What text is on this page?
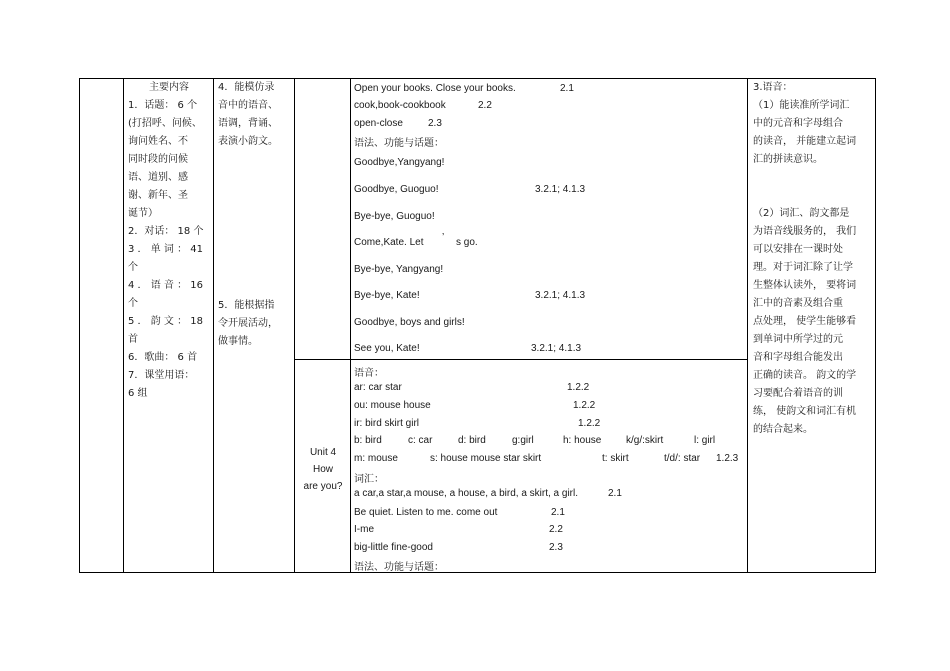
主要内容
1．话题： 6 个
(打招呼、问候、
询问姓名、不
同时段的问候
语、道别、感
谢、新年、圣
诞节）
2．对话： 18 个
3 ． 单 词 ： 41
个
4 ． 语 音 ： 16
个
5 ． 韵 文 ： 18
首
6．歌曲： 6 首
7．课堂用语：
6 组
4．能模仿录
音中的语音、
语调，背诵、
表演小韵文。
5．能根据指
令开展活动，
做事情。
Open your books. Close your books.	2.1
cook,book-cookbook	2.2
open-close	2.3
语法、功能与话题：
Goodbye,Yangyang!
Goodbye, Guoguo!	3.2.1; 4.1.3
Bye-bye, Guoguo!
Come,Kate. Let ’ s go.
Bye-bye, Yangyang!
Bye-bye, Kate!	3.2.1; 4.1.3
Goodbye, boys and girls!
See you, Kate!	3.2.1; 4.1.3
Unit 4
How
are you?
语音：
ar: car star	1.2.2
ou: mouse house	1.2.2
ir: bird skirt girl	1.2.2
b: bird	c: car	d: bird	g:girl	h: house k/g/:skirt	l: girl
m: mouse	s: house mouse star skirt	t: skirt	t/d/: star 1.2.3
词汇：
a car,a star,a mouse, a house, a bird, a skirt, a girl.	2.1
Be quiet. Listen to me. come out	2.1
I-me	2.2
big-little fine-good	2.3
语法、功能与话题：
3.语音：
（1）能读准所学词汇
中的元音和字母组合
的读音， 并能建立起词
汇的拼读意识。
（2）词汇、韵文都是
为语音线服务的， 我们
可以安排在一课时处
理。对于词汇除了让学
生整体认读外， 要将词
汇中的音素及组合重
点处理， 使学生能够看
到单词中所学过的元
音和字母组合能发出
正确的读音。 韵文的学
习要配合着语音的训
练， 使韵文和词汇有机
的结合起来。
